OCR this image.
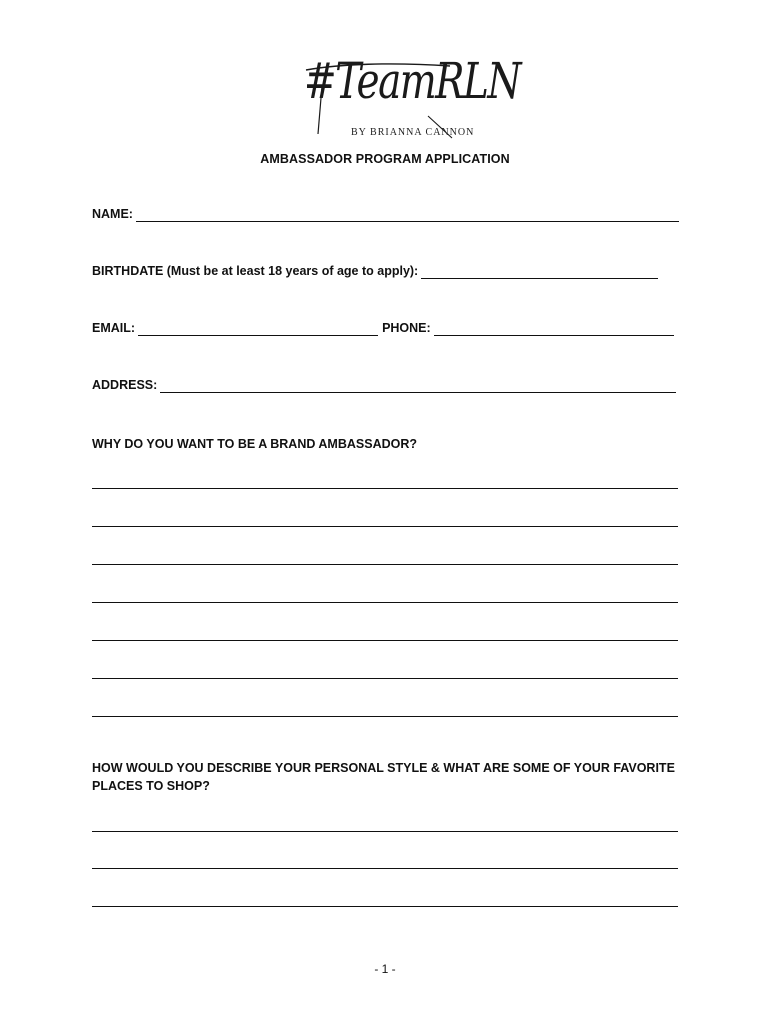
#TeamRLN
BY BRIANNA CANNON
AMBASSADOR PROGRAM APPLICATION
NAME:
BIRTHDATE (Must be at least 18 years of age to apply):
EMAIL:	PHONE:
ADDRESS:
WHY DO YOU WANT TO BE A BRAND AMBASSADOR?
HOW WOULD YOU DESCRIBE YOUR PERSONAL STYLE & WHAT ARE SOME OF YOUR FAVORITE PLACES TO SHOP?
- 1 -
